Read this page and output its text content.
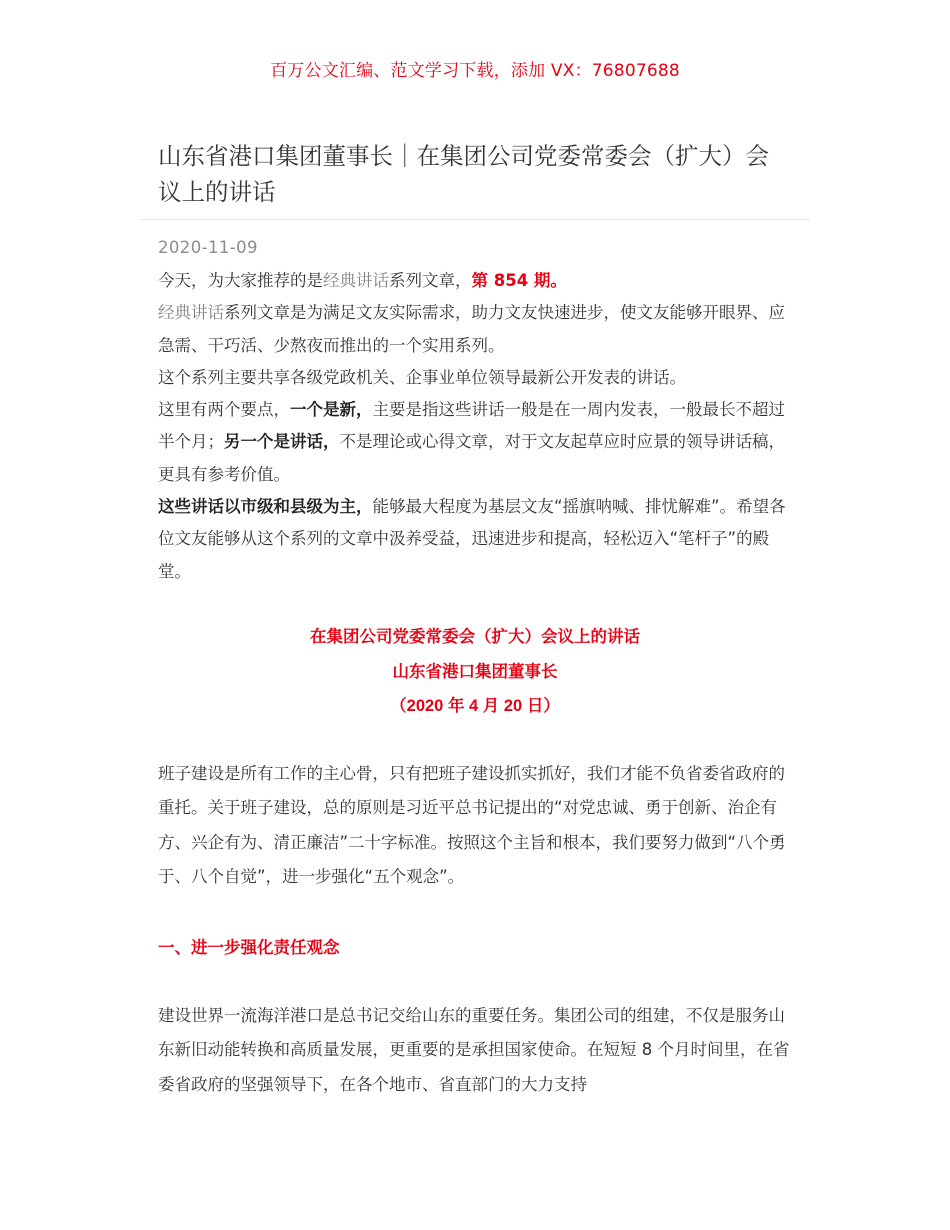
百万公文汇编、范文学习下载，添加 VX：76807688
山东省港口集团董事长｜在集团公司党委常委会（扩大）会议上的讲话
2020-11-09

今天，为大家推荐的是经典讲话系列文章，第 854 期。

经典讲话系列文章是为满足文友实际需求，助力文友快速进步，使文友能够开眼界、应急需、干巧活、少熬夜而推出的一个实用系列。

这个系列主要共享各级党政机关、企事业单位领导最新公开发表的讲话。

这里有两个要点，一个是新，主要是指这些讲话一般是在一周内发表，一般最长不超过半个月；另一个是讲话，不是理论或心得文章，对于文友起草应时应景的领导讲话稿，更具有参考价值。

这些讲话以市级和县级为主，能够最大程度为基层文友“摇旗呐喊、排忧解难”。希望各位文友能够从这个系列的文章中汲养受益，迅速进步和提高，轻松迈入“笔杆子”的殿堂。

在集团公司党委常委会（扩大）会议上的讲话
山东省港口集团董事长
（2020 年 4 月 20 日）

班子建设是所有工作的主心骨，只有把班子建设抓实抓好，我们才能不负省委省政府的重托。关于班子建设，总的原则是习近平总书记提出的“对党忠诚、勇于创新、治企有方、兴企有为、清正廉洁”二十字标准。按照这个主旨和根本，我们要努力做到“八个勇于、八个自觉”，进一步强化“五个观念”。

一、进一步强化责任观念

建设世界一流海洋港口是总书记交给山东的重要任务。集团公司的组建，不仅是服务山东新旧动能转换和高质量发展，更重要的是承担国家使命。在短短 8 个月时间里，在省委省政府的坚强领导下，在各个地市、省直部门的大力支持
